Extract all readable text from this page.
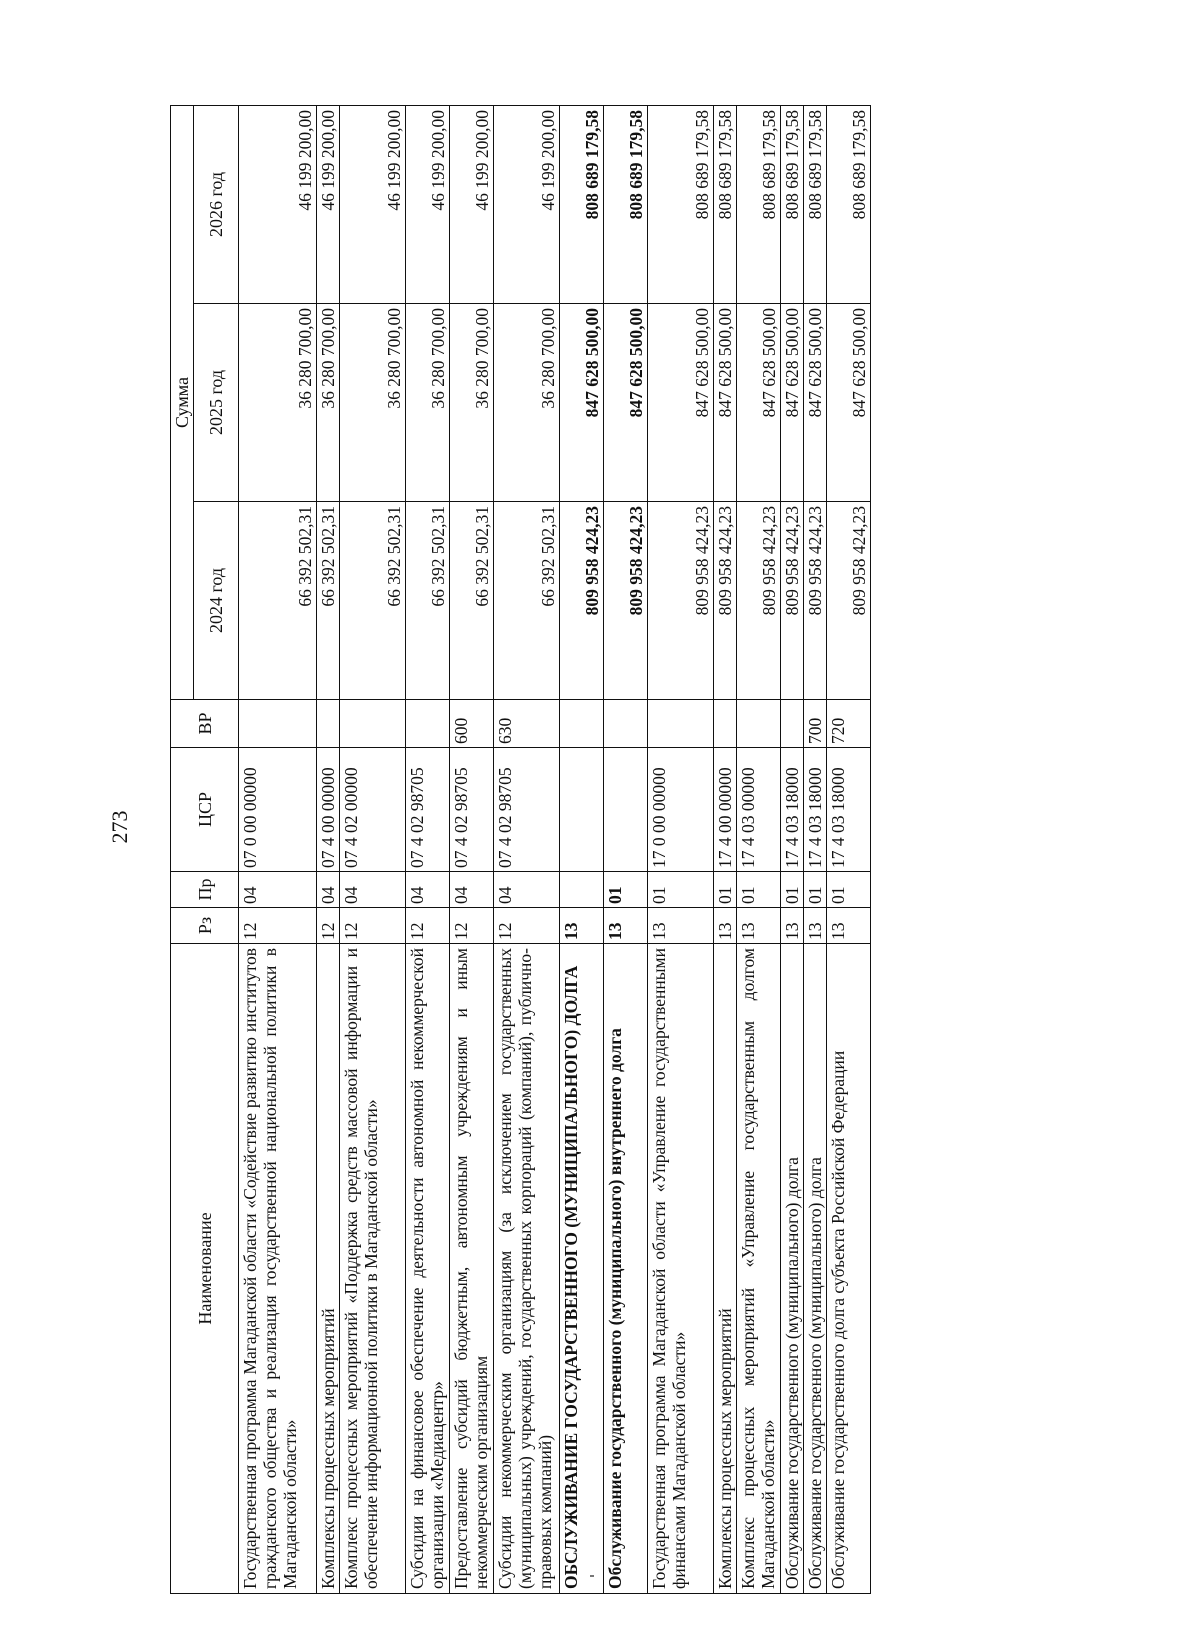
273
Наименование	Рз	Пр	ЦСР	ВР	Сумма		
					2024 год	2025 год	2026 год
Государственная программа Магаданской области «Содействие развитию институтов гражданского общества и реализация государственной национальной политики в Магаданской области»	12	04	07 0 00 00000		66 392 502,31	36 280 700,00	46 199 200,00
Комплексы процессных мероприятий	12	04	07 4 00 00000		66 392 502,31	36 280 700,00	46 199 200,00
Комплекс процессных мероприятий «Поддержка средств массовой информации и обеспечение информационной политики в Магаданской области»	12	04	07 4 02 00000		66 392 502,31	36 280 700,00	46 199 200,00
Субсидии на финансовое обеспечение деятельности автономной некоммерческой организации «Медиацентр»	12	04	07 4 02 98705		66 392 502,31	36 280 700,00	46 199 200,00
Предоставление субсидий бюджетным, автономным учреждениям и иным некоммерческим организациям	12	04	07 4 02 98705	600	66 392 502,31	36 280 700,00	46 199 200,00
Субсидии некоммерческим организациям (за исключением государственных (муниципальных) учреждений, государственных корпораций (компаний), публично-правовых компаний)	12	04	07 4 02 98705	630	66 392 502,31	36 280 700,00	46 199 200,00
ОБСЛУЖИВАНИЕ ГОСУДАРСТВЕННОГО (МУНИЦИПАЛЬНОГО) ДОЛГА	13				809 958 424,23	847 628 500,00	808 689 179,58
Обслуживание государственного (муниципального) внутреннего долга	13	01			809 958 424,23	847 628 500,00	808 689 179,58
Государственная программа Магаданской области «Управление государственными финансами Магаданской области»	13	01	17 0 00 00000		809 958 424,23	847 628 500,00	808 689 179,58
Комплексы процессных мероприятий	13	01	17 4 00 00000		809 958 424,23	847 628 500,00	808 689 179,58
Комплекс процессных мероприятий «Управление государственным долгом Магаданской области»	13	01	17 4 03 00000		809 958 424,23	847 628 500,00	808 689 179,58
Обслуживание государственного (муниципального) долга	13	01	17 4 03 18000		809 958 424,23	847 628 500,00	808 689 179,58
Обслуживание государственного (муниципального) долга	13	01	17 4 03 18000	700	809 958 424,23	847 628 500,00	808 689 179,58
Обслуживание государственного долга субъекта Российской Федерации	13	01	17 4 03 18000	720	809 958 424,23	847 628 500,00	808 689 179,58
